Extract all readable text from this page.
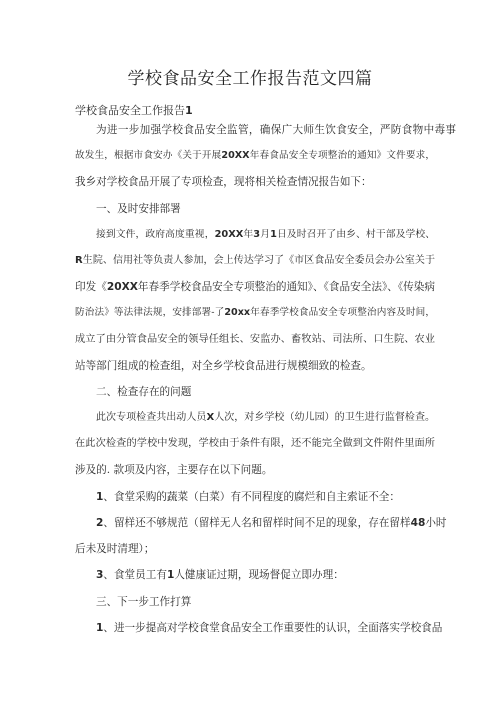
学校食品安全工作报告范文四篇
学校食品安全工作报告1
为进一步加强学校食品安全监管，确保广大师生饮食安全，严防食物中毒事
故发生，根据市食安办《关于开展20XX年春食品安全专项整治的通知》文件要求，
我乡对学校食品开展了专项检查，现将相关检查情况报告如下：
一、及时安排部署
接到文件，政府高度重视，20XX年3月1日及时召开了由乡、村干部及学校、
R生院、信用社等负责人参加，会上传达学习了《市区食品安全委员会办公室关于
印发《20XX年春季学校食品安全专项整治的通知》、《食品安全法》、《传染病
防治法》等法律法规，安排部署-了20xx年春季学校食品安全专项整治内容及时间，
成立了由分管食品安全的领导任组长、安监办、畜牧站、司法所、口生院、农业
站等部门组成的检查组，对全乡学校食品进行规模细致的检查。
二、检查存在的问题
此次专项检查共出动人员X人次，对乡学校（幼儿园）的卫生进行监督检查。
在此次检查的学校中发现，学校由于条件有限，还不能完全做到文件附件里面所
涉及的. 款项及内容，主要存在以下问题。
1、食堂采购的蔬菜（白菜）有不同程度的腐烂和自主索证不全：
2、留样还不够规范（留样无人名和留样时间不足的现象，存在留样48小时
后未及时清理）；
3、食堂员工有1人健康证过期，现场督促立即办理：
三、下一步工作打算
1、进一步提高对学校食堂食品安全工作重要性的认识，全面落实学校食品
